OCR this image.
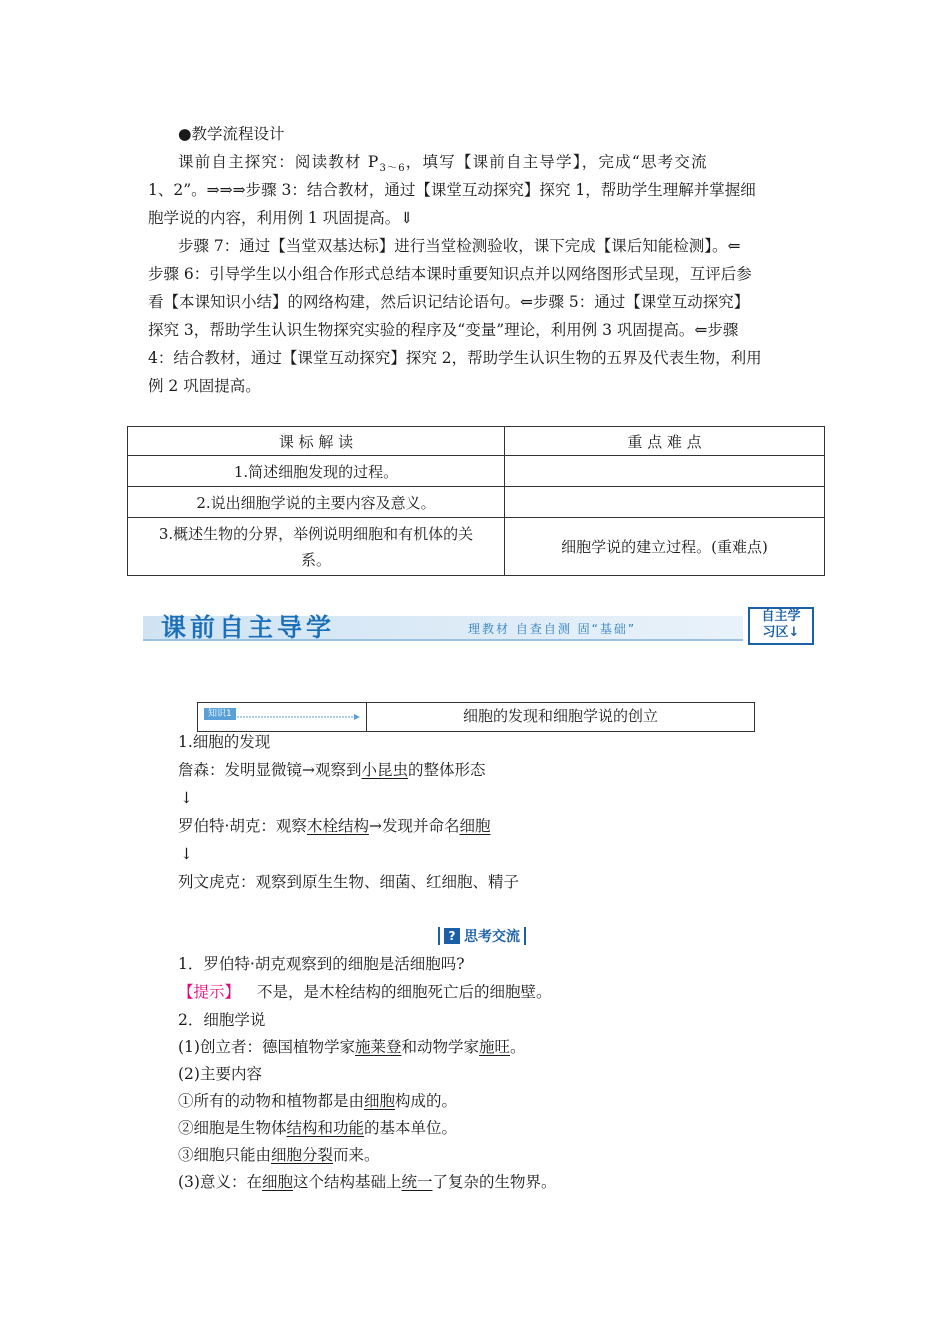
●教学流程设计
课前自主探究：阅读教材 $P_{3\sim 6}$，填写【课前自主导学】，完成“思考交流
1、2”。⇒⇒⇒步骤 3：结合教材，通过【课堂互动探究】探究 1，帮助学生理解并掌握细
胞学说的内容，利用例 1 巩固提高。⇓
步骤 7：通过【当堂双基达标】进行当堂检测验收，课下完成【课后知能检测】。⇐
步骤 6：引导学生以小组合作形式总结本课时重要知识点并以网络图形式呈现，互评后参
看【本课知识小结】的网络构建，然后识记结论语句。⇐步骤 5：通过【课堂互动探究】
探究 3，帮助学生认识生物探究实验的程序及“变量”理论，利用例 3 巩固提高。⇐步骤
4：结合教材，通过【课堂互动探究】探究 2，帮助学生认识生物的五界及代表生物，利用
例 2 巩固提高。
课 标 解 读	重 点 难 点
1.简述细胞发现的过程。	
2.说出细胞学说的主要内容及意义。	

3.概述生物的分界，举例说明细胞和有机体的关
系。	细胞学说的建立过程。(重难点)
课前自主导学	理教材 自查自测 固“基础”
自主学
习区↓
知识1	细胞的发现和细胞学说的创立
1.细胞的发现
詹森：发明显微镜→观察到小昆虫的整体形态
↓
罗伯特·胡克：观察木栓结构→发现并命名细胞
↓
列文虎克：观察到原生生物、细菌、红细胞、精子
? 思考交流
1．罗伯特·胡克观察到的细胞是活细胞吗?
【提示】 不是，是木栓结构的细胞死亡后的细胞壁。
2．细胞学说
(1)创立者：德国植物学家施莱登和动物学家施旺。
(2)主要内容
①所有的动物和植物都是由细胞构成的。
②细胞是生物体结构和功能的基本单位。
③细胞只能由细胞分裂而来。
(3)意义：在细胞这个结构基础上统一了复杂的生物界。
